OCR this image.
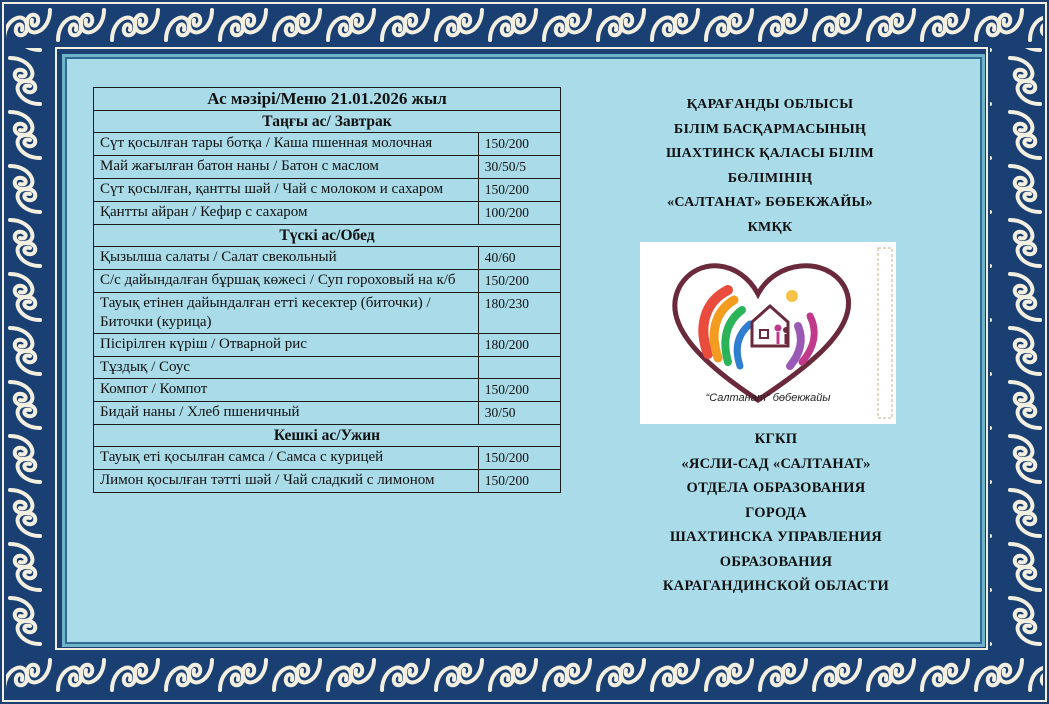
Ас мәзірі/Меню 21.01.2026 жыл	
Таңғы ас/ Завтрак	
Сүт қосылған тары ботқа / Каша пшенная молочная	150/200
Май жағылған батон наны / Батон с маслом	30/50/5
Сүт қосылған, қантты шәй / Чай с молоком и сахаром	150/200
Қантты айран / Кефир с сахаром	100/200
Түскі ас/Обед	
Қызылша салаты / Салат свекольный	40/60
С/с дайындалған бұршақ көжесі / Суп гороховый на к/б	150/200
Тауық етінен дайындалған етті кесектер (биточки) / Биточки (курица)	180/230
Пісірілген күріш / Отварной рис	180/200
Тұздық / Соус	
Компот / Компот	150/200
Бидай наны / Хлеб пшеничный	30/50
Кешкі ас/Ужин	
Тауық еті қосылған самса / Самса с курицей	150/200
Лимон қосылған тәтті шәй / Чай сладкий с лимоном	150/200
ҚАРАҒАНДЫ ОБЛЫСЫ
БІЛІМ БАСҚАРМАСЫНЫҢ
ШАХТИНСК ҚАЛАСЫ БІЛІМ
БӨЛІМІНІҢ
«САЛТАНАТ» БӨБЕКЖАЙЫ»
КМҚК
“Салтанат” бөбекжайы
КГКП
«ЯСЛИ-САД «САЛТАНАТ»
ОТДЕЛА ОБРАЗОВАНИЯ
ГОРОДА
ШАХТИНСКА УПРАВЛЕНИЯ
ОБРАЗОВАНИЯ
КАРАГАНДИНСКОЙ ОБЛАСТИ
